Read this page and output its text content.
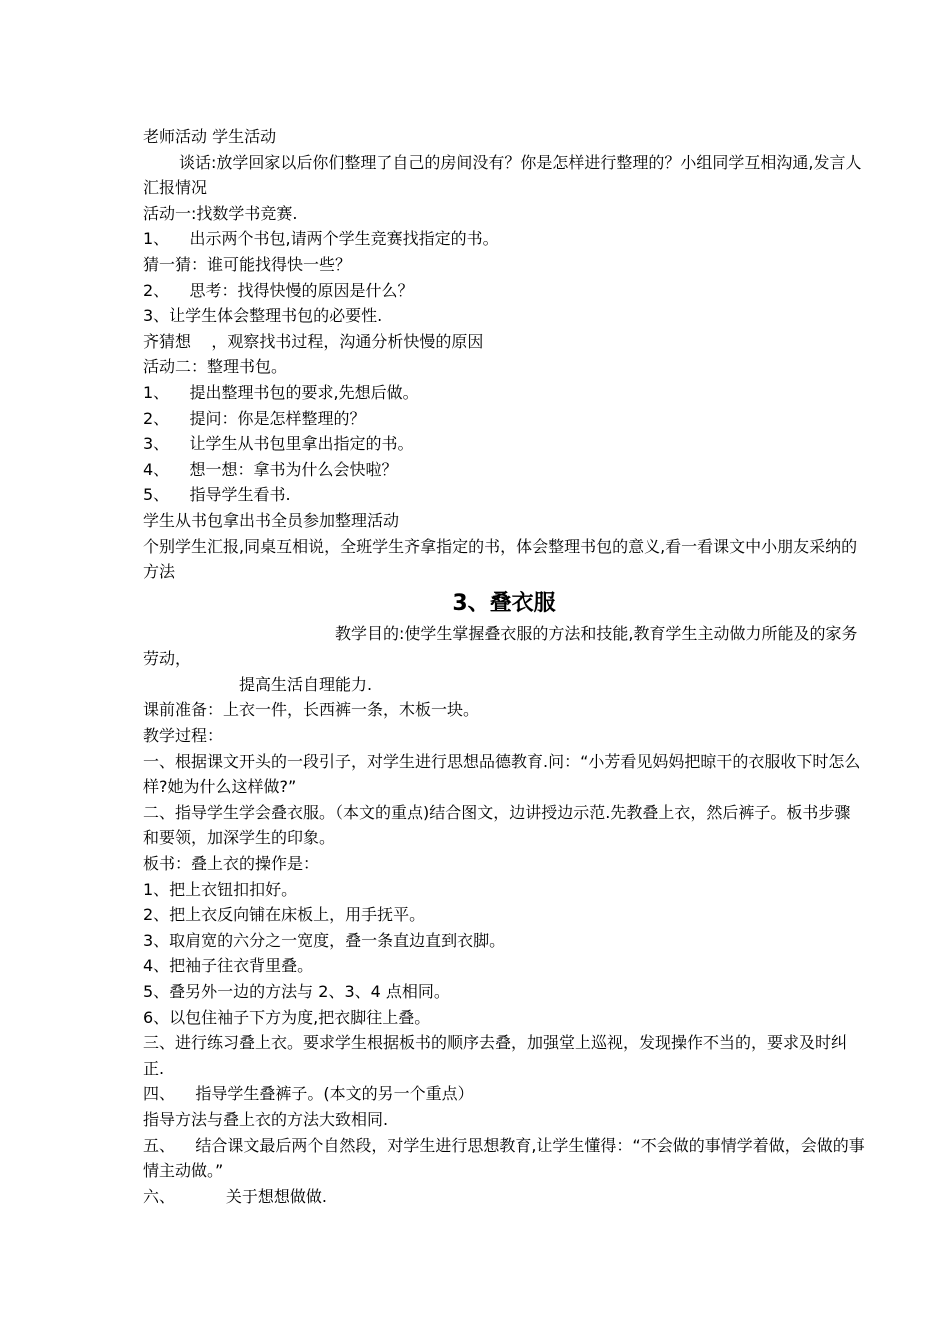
老师活动 学生活动

谈话:放学回家以后你们整理了自己的房间没有？你是怎样进行整理的？小组同学互相沟通,发言人汇报情况

活动一:找数学书竞赛.

1、    出示两个书包,请两个学生竞赛找指定的书。

猜一猜：谁可能找得快一些？

2、    思考：找得快慢的原因是什么？

3、让学生体会整理书包的必要性.

齐猜想    ，观察找书过程，沟通分析快慢的原因

活动二：整理书包。

1、    提出整理书包的要求,先想后做。

2、    提问：你是怎样整理的？

3、    让学生从书包里拿出指定的书。

4、    想一想：拿书为什么会快啦？

5、    指导学生看书.

学生从书包拿出书全员参加整理活动

个别学生汇报,同桌互相说，全班学生齐拿指定的书，体会整理书包的意义,看一看课文中小朋友采纳的方法

3、叠衣服

教学目的:使学生掌握叠衣服的方法和技能,教育学生主动做力所能及的家务劳动，

提高生活自理能力.

课前准备：上衣一件，长西裤一条，木板一块。

教学过程：

一、根据课文开头的一段引子，对学生进行思想品德教育.问：“小芳看见妈妈把晾干的衣服收下时怎么样?她为什么这样做?”

二、指导学生学会叠衣服。（本文的重点)结合图文，边讲授边示范.先教叠上衣，然后裤子。板书步骤和要领，加深学生的印象。

板书：叠上衣的操作是：

1、把上衣钮扣扣好。

2、把上衣反向铺在床板上，用手抚平。

3、取肩宽的六分之一宽度，叠一条直边直到衣脚。

4、把袖子往衣背里叠。

5、叠另外一边的方法与 2、3、4 点相同。

6、以包住袖子下方为度,把衣脚往上叠。

三、进行练习叠上衣。要求学生根据板书的顺序去叠，加强堂上巡视，发现操作不当的，要求及时纠正.

四、    指导学生叠裤子。(本文的另一个重点）

指导方法与叠上衣的方法大致相同.

五、    结合课文最后两个自然段，对学生进行思想教育,让学生懂得：“不会做的事情学着做，会做的事情主动做。”

六、          关于想想做做.
